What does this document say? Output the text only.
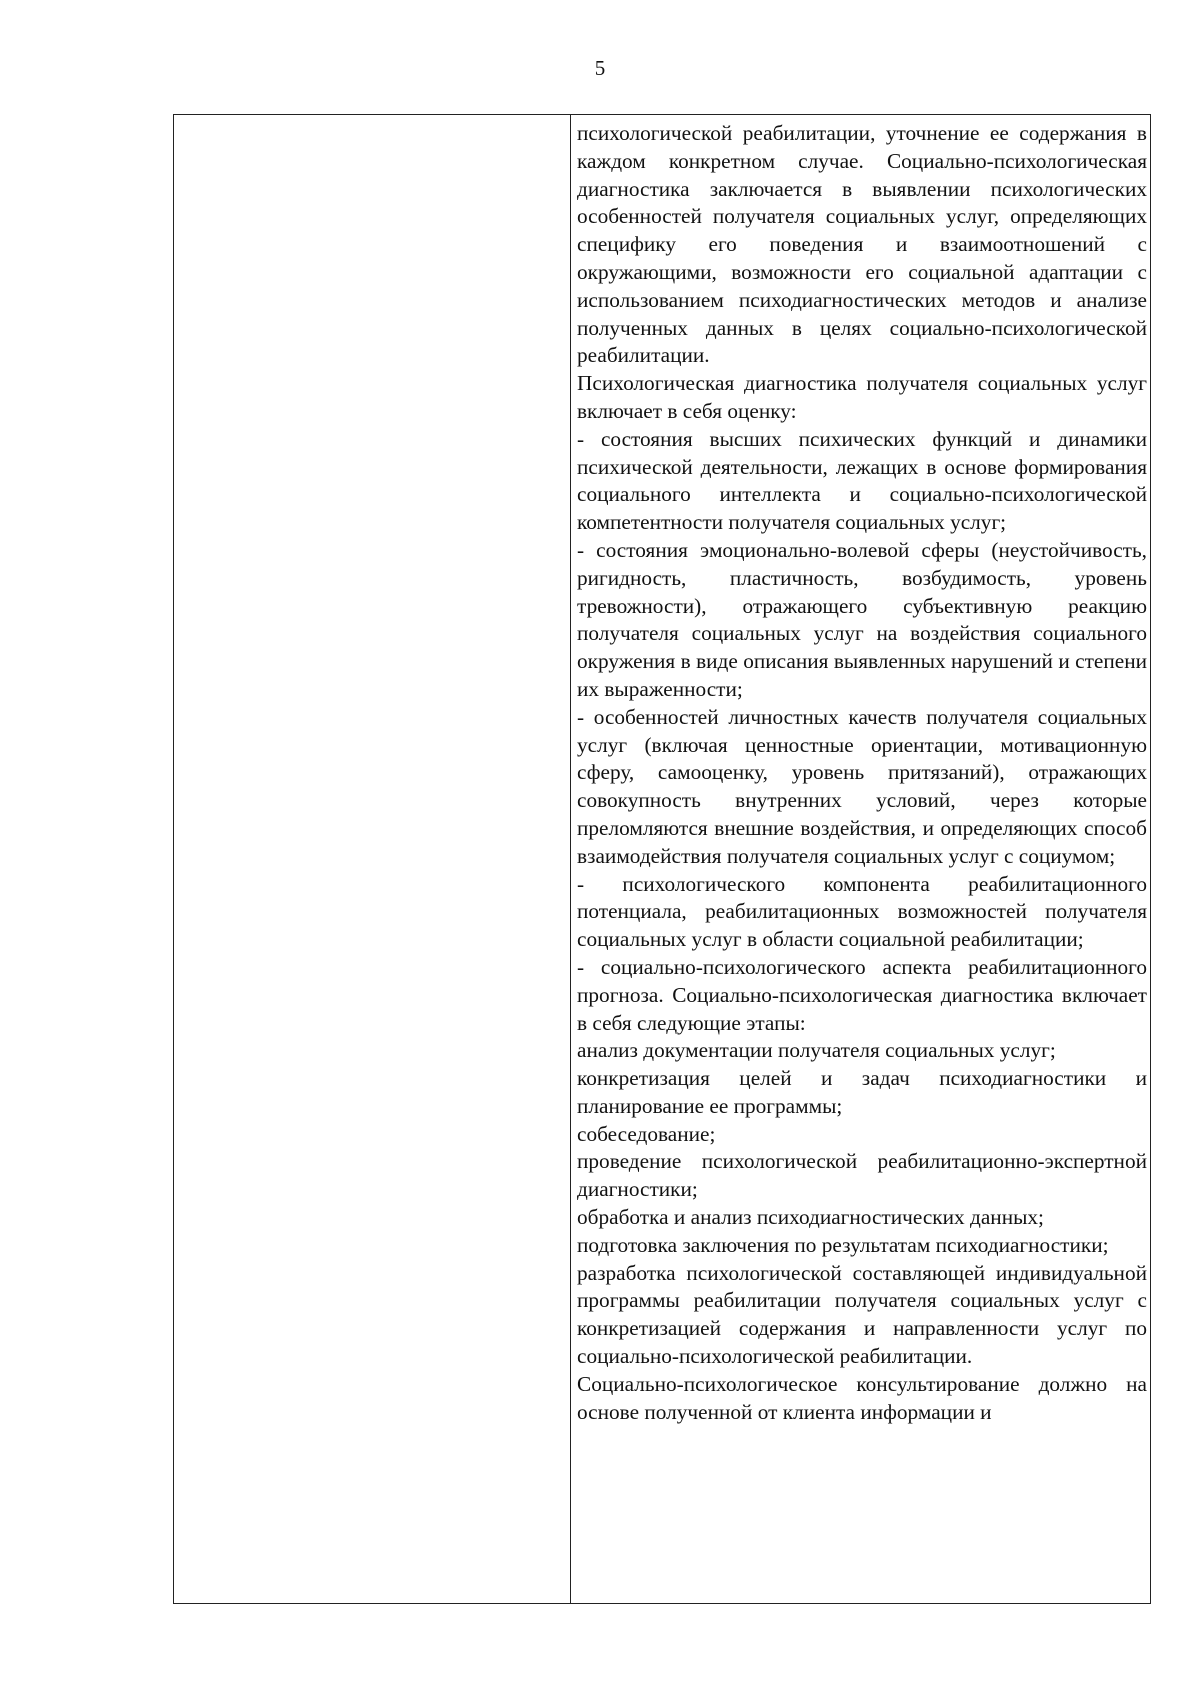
5

психологической реабилитации, уточнение ее содержания в каждом конкретном случае. Социально-психологическая диагностика заключается в выявлении психологических особенностей получателя социальных услуг, определяющих специфику его поведения и взаимоотношений с окружающими, возможности его социальной адаптации с использованием психодиагностических методов и анализе полученных данных в целях социально-психологической реабилитации.

Психологическая диагностика получателя социальных услуг включает в себя оценку:

- состояния высших психических функций и динамики психической деятельности, лежащих в основе формирования социального интеллекта и социально-психологической компетентности получателя социальных услуг;

- состояния эмоционально-волевой сферы (неустойчивость, ригидность, пластичность, возбудимость, уровень тревожности), отражающего субъективную реакцию получателя социальных услуг на воздействия социального окружения в виде описания выявленных нарушений и степени их выраженности;

- особенностей личностных качеств получателя социальных услуг (включая ценностные ориентации, мотивационную сферу, самооценку, уровень притязаний), отражающих совокупность внутренних условий, через которые преломляются внешние воздействия, и определяющих способ взаимодействия получателя социальных услуг с социумом;

- психологического компонента реабилитационного потенциала, реабилитационных возможностей получателя социальных услуг в области социальной реабилитации;

- социально-психологического аспекта реабилитационного прогноза. Социально-психологическая диагностика включает в себя следующие этапы:

анализ документации получателя социальных услуг;

конкретизация целей и задач психодиагностики и планирование ее программы;

собеседование;

проведение психологической реабилитационно-экспертной диагностики;

обработка и анализ психодиагностических данных;

подготовка заключения по результатам психодиагностики;

разработка психологической составляющей индивидуальной программы реабилитации получателя социальных услуг с конкретизацией содержания и направленности услуг по социально-психологической реабилитации.

Социально-психологическое консультирование должно на основе полученной от клиента информации и
